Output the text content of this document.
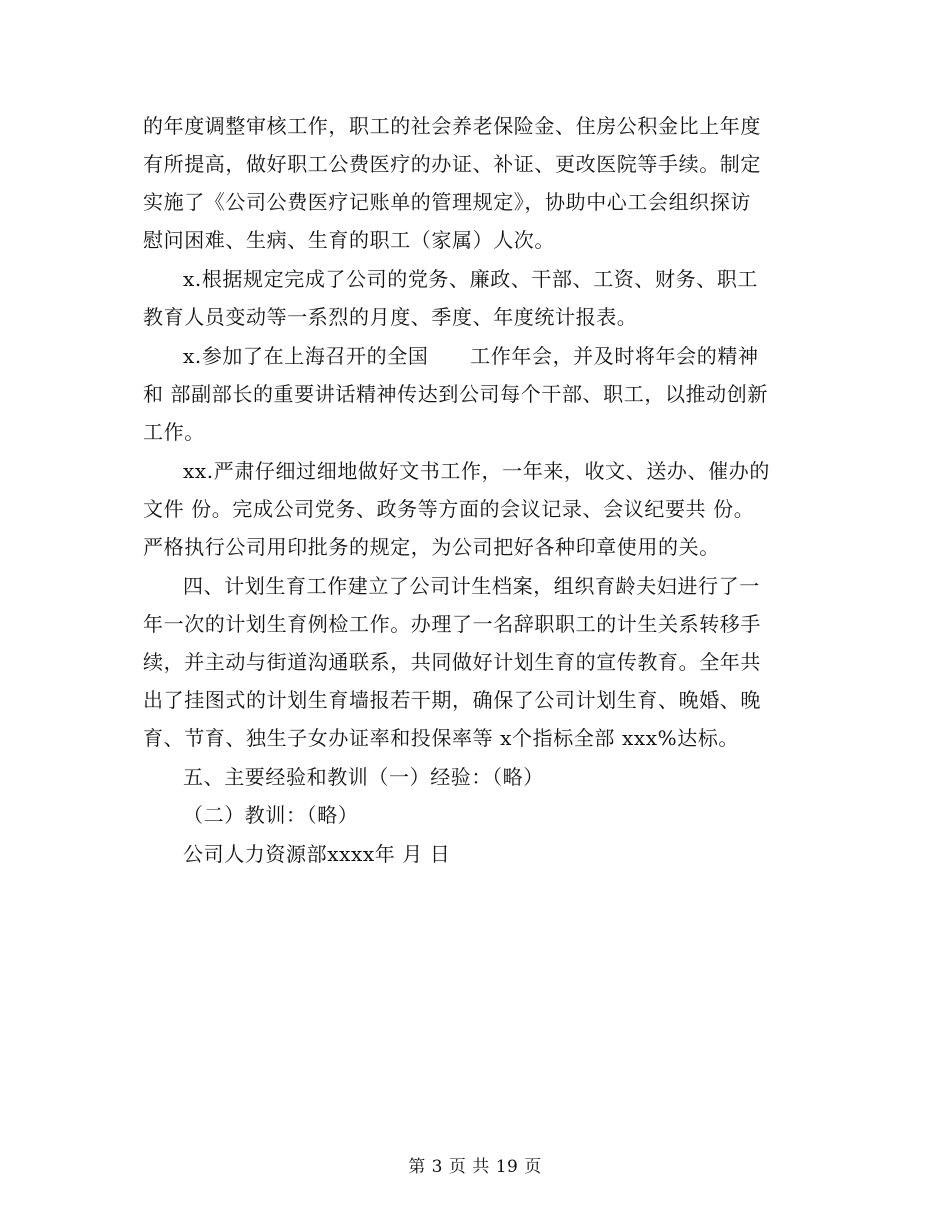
的年度调整审核工作，职工的社会养老保险金、住房公积金比上年度
有所提高，做好职工公费医疗的办证、补证、更改医院等手续。制定
实施了《公司公费医疗记账单的管理规定》，协助中心工会组织探访
慰问困难、生病、生育的职工（家属）人次。
x.根据规定完成了公司的党务、廉政、干部、工资、财务、职工
教育人员变动等一系烈的月度、季度、年度统计报表。
x.参加了在上海召开的全国      工作年会，并及时将年会的精神
和 部副部长的重要讲话精神传达到公司每个干部、职工，以推动创新
工作。
xx.严肃仔细过细地做好文书工作，一年来，收文、送办、催办的
文件 份。完成公司党务、政务等方面的会议记录、会议纪要共 份。
严格执行公司用印批务的规定，为公司把好各种印章使用的关。
四、计划生育工作建立了公司计生档案，组织育龄夫妇进行了一
年一次的计划生育例检工作。办理了一名辞职职工的计生关系转移手
续，并主动与街道沟通联系，共同做好计划生育的宣传教育。全年共
出了挂图式的计划生育墙报若干期，确保了公司计划生育、晚婚、晚
育、节育、独生子女办证率和投保率等 x个指标全部 xxx%达标。
五、主要经验和教训（一）经验：（略）
（二）教训：（略）
公司人力资源部xxxx年 月 日
第 3 页 共 19 页
